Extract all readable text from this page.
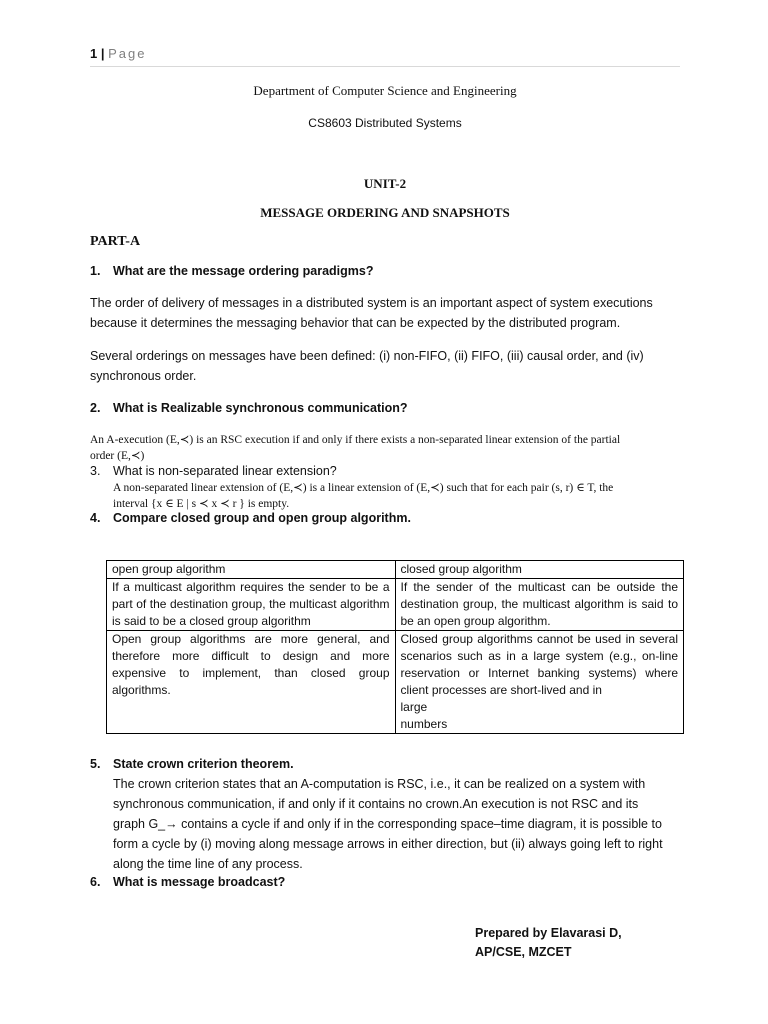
1 | Page
Department of Computer Science and Engineering
CS8603 Distributed Systems
UNIT-2
MESSAGE ORDERING AND SNAPSHOTS
PART-A
1. What are the message ordering paradigms?
The order of delivery of messages in a distributed system is an important aspect of system executions
because it determines the messaging behavior that can be expected by the distributed program.
Several orderings on messages have been defined: (i) non-FIFO, (ii) FIFO, (iii) causal order, and (iv)
synchronous order.
2. What is Realizable synchronous communication?
An A-execution (E,≺) is an RSC execution if and only if there exists a non-separated linear extension of the partial
order (E,≺)
3. What is non-separated linear extension?
A non-separated linear extension of (E,≺) is a linear extension of (E,≺) such that for each pair (s, r) ∈ T, the
interval {x ∈ E | s ≺ x ≺ r } is empty.
4. Compare closed group and open group algorithm.
open group algorithm	closed group algorithm
If a multicast algorithm requires the sender to be a part of the destination group, the multicast algorithm is said to be a closed group algorithm	If the sender of the multicast can be outside the destination group, the multicast algorithm is said to be an open group algorithm.
Open group algorithms are more general, and therefore more difficult to design and more expensive to implement, than closed group algorithms.	Closed group algorithms cannot be used in several scenarios such as in a large system (e.g., on-line reservation or Internet banking systems) where client processes are short-lived and in
large
numbers
5. State crown criterion theorem.
The crown criterion states that an A-computation is RSC, i.e., it can be realized on a system with
synchronous communication, if and only if it contains no crown.An execution is not RSC and its
graph G_→ contains a cycle if and only if in the corresponding space–time diagram, it is possible to
form a cycle by (i) moving along message arrows in either direction, but (ii) always going left to right
along the time line of any process.
6. What is message broadcast?
Prepared by Elavarasi D,
AP/CSE, MZCET
